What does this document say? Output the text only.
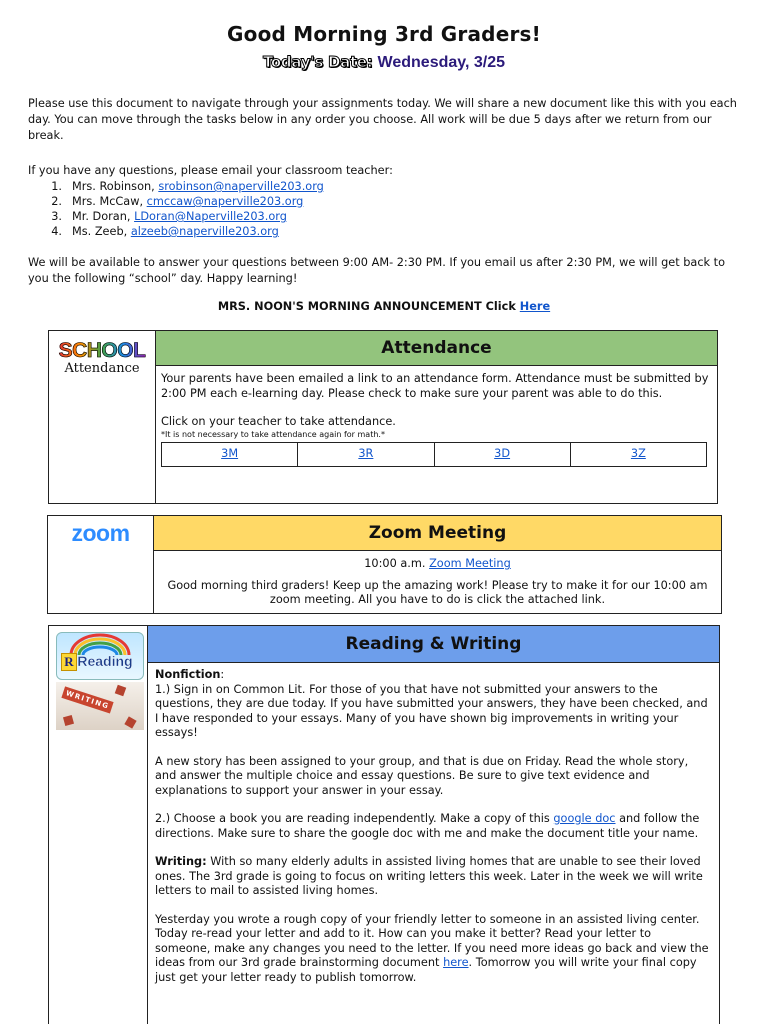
Good Morning 3rd Graders!
Today's Date: Wednesday, 3/25
Please use this document to navigate through your assignments today. We will share a new document like this with you each day. You can move through the tasks below in any order you choose. All work will be due 5 days after we return from our break.
If you have any questions, please email your classroom teacher:
1. Mrs. Robinson,
srobinson@naperville203.org
2. Mrs. McCaw,
cmccaw@naperville203.org
3. Mr. Doran,
LDoran@Naperville203.org
4. Ms. Zeeb,
alzeeb@naperville203.org
We will be available to answer your questions between 9:00 AM- 2:30 PM. If you email us after 2:30 PM, we will get back to you the following “school” day. Happy learning!
MRS. NOON'S MORNING ANNOUNCEMENT Click Here
SCHOOL
Attendance
Attendance
Your parents have been emailed a link to an attendance form. Attendance must be submitted by 2:00 PM each e-learning day. Please check to make sure your parent was able to do this.
Click on your teacher to take attendance.
*It is not necessary to take attendance again for math.*
3M	3R	3D	3Z
zoom	Zoom Meeting
10:00 a.m. Zoom Meeting
Good morning third graders! Keep up the amazing work! Please try to make it for our 10:00 am zoom meeting. All you have to do is click the attached link.
R Reading
WRITING
Reading & Writing
Nonfiction:
1.) Sign in on Common Lit. For those of you that have not submitted your answers to the questions, they are due today. If you have submitted your answers, they have been checked, and I have responded to your essays. Many of you have shown big improvements in writing your essays!
A new story has been assigned to your group, and that is due on Friday. Read the whole story, and answer the multiple choice and essay questions. Be sure to give text evidence and explanations to support your answer in your essay.
2.) Choose a book you are reading independently. Make a copy of this google doc and follow the directions. Make sure to share the google doc with me and make the document title your name.
Writing: With so many elderly adults in assisted living homes that are unable to see their loved ones. The 3rd grade is going to focus on writing letters this week. Later in the week we will write letters to mail to assisted living homes.
Yesterday you wrote a rough copy of your friendly letter to someone in an assisted living center. Today re-read your letter and add to it. How can you make it better? Read your letter to someone, make any changes you need to the letter. If you need more ideas go back and view the ideas from our 3rd grade brainstorming document here. Tomorrow you will write your final copy just get your letter ready to publish tomorrow.
